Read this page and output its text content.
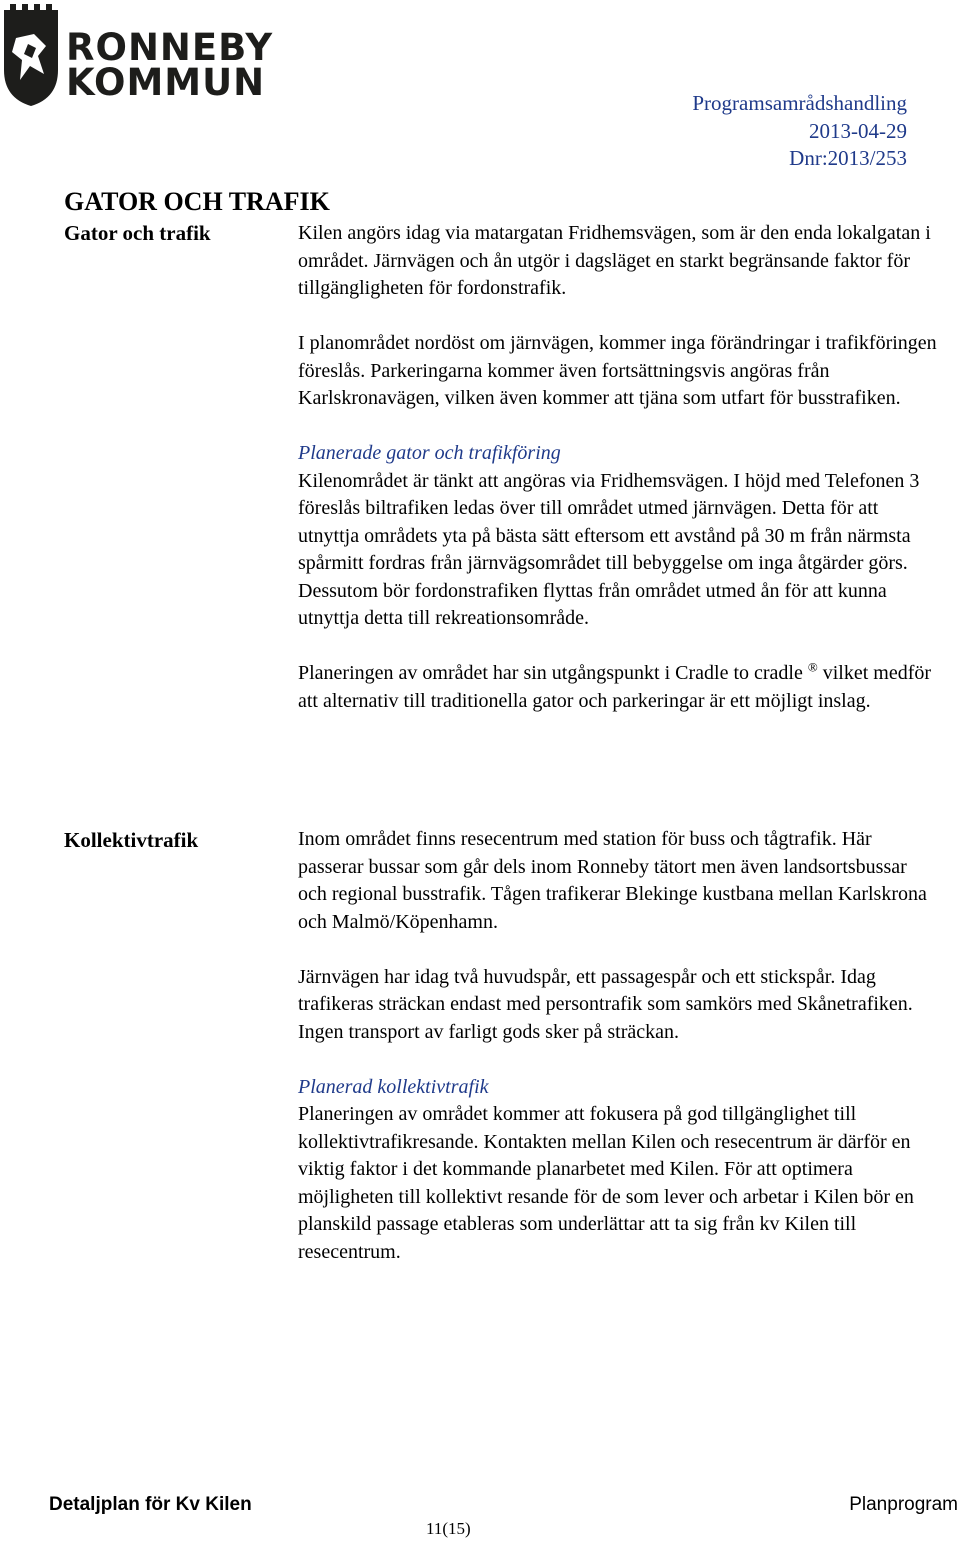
RONNEBY
KOMMUN	Programsamrådshandling
2013-04-29
Dnr:2013/253
GATOR OCH TRAFIK
Gator och trafik	Kilen angörs idag via matargatan Fridhemsvägen, som är den enda lokalgatan i området. Järnvägen och ån utgör i dagsläget en starkt begränsande faktor för tillgängligheten för fordonstrafik.

I planområdet nordöst om järnvägen, kommer inga förändringar i trafikföringen föreslås. Parkeringarna kommer även fortsättningsvis angöras från Karlskronavägen, vilken även kommer att tjäna som utfart för busstrafiken.

Planerade gator och trafikföring

Kilenområdet är tänkt att angöras via Fridhemsvägen. I höjd med Telefonen 3 föreslås biltrafiken ledas över till området utmed järnvägen. Detta för att utnyttja områdets yta på bästa sätt eftersom ett avstånd på 30 m från närmsta spårmitt fordras från järnvägsområdet till bebyggelse om inga åtgärder görs. Dessutom bör fordonstrafiken flyttas från området utmed ån för att kunna utnyttja detta till rekreationsområde.

Planeringen av området har sin utgångspunkt i Cradle to cradle ® vilket medför att alternativ till traditionella gator och parkeringar är ett möjligt inslag.

Kollektivtrafik	Inom området finns resecentrum med station för buss och tågtrafik. Här passerar bussar som går dels inom Ronneby tätort men även landsortsbussar och regional busstrafik. Tågen trafikerar Blekinge kustbana mellan Karlskrona och Malmö/Köpenhamn.

Järnvägen har idag två huvudspår, ett passagespår och ett stickspår. Idag trafikeras sträckan endast med persontrafik som samkörs med Skånetrafiken. Ingen transport av farligt gods sker på sträckan.

Planerad kollektivtrafik

Planeringen av området kommer att fokusera på god tillgänglighet till kollektivtrafikresande. Kontakten mellan Kilen och resecentrum är därför en viktig faktor i det kommande planarbetet med Kilen. För att optimera möjligheten till kollektivt resande för de som lever och arbetar i Kilen bör en planskild passage etableras som underlättar att ta sig från kv Kilen till resecentrum.

Detaljplan för Kv Kilen
11(15)
Planprogram
